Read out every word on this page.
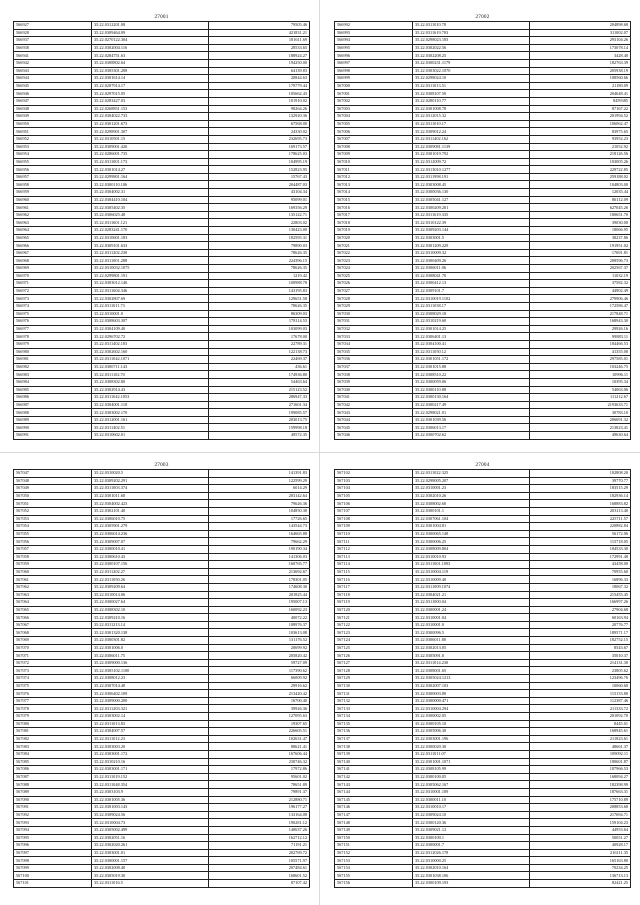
27001
566927	35.22.0312201.08	79505.46
566928	35.22.0309464.09	421831.21
566937	35.22.0270122.304	181611.69
566938	35.22.0302004.116	28533.65
566941	35.22.0284751.63	188924.27
566942	35.22.0308802.64	194250.00
566943	35.22.0305301.208	64139.83
566944	35.22.0301614.14	20844.63
566945	35.22.0287914.17	179779.44
566946	35.22.0297015.05	105662.43
566947	35.22.0283427.03	101910.02
566948	35.22.0268851.153	98264.26
566949	35.22.0304022.733	132920.36
566950	35.22.0301201.673	67568.00
566951	35.22.0298901.307	24330.02
566952	35.22.0310501.15	232695.73
566953	35.22.0309001.426	169173.57
566954	35.22.0286001.735	178625.03
566955	35.22.0311001.173	104995.19
566956	35.22.0301014.27	152823.95
566957	35.22.0299801.164	15767.43
566958	35.22.0300110.106	204487.03
566959	35.22.0304002.31	43104.34
566960	35.22.0304410.104	95099.01
566961	35.22.0305402.35	169356.29
566962	35.22.0306025.48	135122.71
566963	35.22.0311601.121	22803.02
566964	35.22.0283241.170	130423.00
566965	35.22.0310601.183	182595.31
566966	35.22.0309101.633	79890.03
566967	35.22.0311202.230	78626.35
566968	35.22.0311001.288	224396.15
566969	35.22.0310032.1075	78626.35
566970	35.22.0299801.191	1219.42
566971	35.22.0303012.146	100988.78
566972	35.22.0311604.346	143195.83
566973	35.22.0302807.69	129651.58
566974	35.22.0311011.73	78626.35
566975	35.22.0310001.0	86309.03
566976	35.22.0308603.307	178114.53
566977	35.22.0304109.40	103099.03
566978	35.22.0296702.72	17678.00
566979	35.22.0311402.183	22789.31
566980	35.22.0302602.160	122138.73
566981	35.22.0311042.1071	22469.37
566982	35.22.0300711.143	436.61
566983	35.22.0311102.70	174936.80
566984	35.22.0308302.80	54463.64
566985	35.22.0302914.43	215123.52
566986	35.22.0311042.1053	286947.33
566987	35.22.0304001.118	271601.34
566988	35.22.0303002.170	199085.57
566989	35.22.0312001.161	203013.75
566990	35.22.0311402.51	159998.18
566991	35.22.0310602.01	49572.35
27002
566992	35.22.0311010.78	204898.68
566993	35.22.0311619.703	311002.07
566994	35.22.0298023.183	293104.26
566995	35.22.0302022.56	173078.14
566996	35.22.0302208.25	3428.40
566997	35.22.0300231.1179	182763.39
566998	35.22.0303022.1070	205938.19
566999	35.22.0298024.10	108560.66
567000	35.22.0311013.51	21180.09
567001	35.22.0308107.50	204648.41
567002	35.22.0280110.77	8459385
567003	35.22.0301008.78	87167.22
567004	35.22.0312015.32	201994.52
567005	35.22.0311010.17	106062.47
567006	35.22.0309012.24	83975.65
567007	35.22.0311402.162	93952.23
567008	35.22.0309081.1139	21052.92
567009	35.22.0301019.792	218126.56
567010	35.22.0312009.72	103005.26
567011	35.22.0313010.1277	229722.85
567012	35.22.0311998.191	259188.02
567013	35.22.0303008.45	104803.00
567014	35.22.0300036.130	12035.44
567015	35.22.0305041.127	86112.09
567016	35.22.0300209.201	627045.26
567017	35.22.0311619.335	180651.70
567018	35.22.0310122.39	39030.00
567019	35.22.0309203.144	18066.95
567020	35.22.0303001.5	38237.86
567021	35.22.0301209.229	191951.02
567022	35.22.0310009.32	17691.81
567023	35.22.0300409.26	208596.73
567024	35.22.0306011.06	202567.37
567025	35.22.0308041.70	11032.19
567026	35.22.0300412.13	37582.32
567027	35.22.0309101.7	44902.49
567028	35.22.0310019.1102	279906.46
567029	35.22.0311038.17	172586.47
567030	35.22.0308029.18	217848.71
567031	35.22.0310219.60	168943.30
567032	35.22.0301014.25	29926.16
567033	35.22.0306401.13	99883.11
567034	35.22.0304100.41	184466.53
567035	35.22.0311050.12	41355.00
567036	35.22.0301051.172	297585.01
567037	35.22.0301015.88	103246.75
567038	35.22.0308510.22	10996.11
567039	35.22.0300059.06	10395.34
567040	35.22.0300110.88	54063.06
567041	35.22.0300130.164	111212.67
567042	35.22.0300217.49	2193633.71
567043	35.22.0298021.01	30783.10
567044	35.22.0301039.56	206691.32
567045	35.22.0306013.17	213823.41
567046	35.22.0300702.62	49630.64
27003
567047	35.22.0310020.5	141391.83
567048	35.22.0309202.291	122599.29
567049	35.22.0311003.374	6014.29
567050	35.22.0301011.68	203142.64
567051	35.22.0304002.423	79626.36
567052	35.22.0302101.40	104850.38
567053	35.22.0306010.75	17726.65
567054	35.22.0305901.279	143544.73
567055	35.22.0306014.236	164665.88
567056	35.22.0309007.07	79662.29
567057	35.22.0300010.41	190190.34
567058	35.22.0300610.43	141306.03
567059	35.22.0300107.156	160765.77
567060	35.22.0311202.27	213692.67
567061	35.22.0311050.26	178301.05
567062	35.22.0309209.64	174608.30
567063	35.22.0310014.06	201825.44
567064	35.22.0300027.64	195007.13
567065	35.22.0308302.10	160092.23
567066	35.22.0309210.16	40072.22
567067	35.22.0311213.14	108976.37
567068	35.22.0301320.138	103613.08
567069	35.22.0300301.82	131176.52
567070	35.22.0301006.0	20699.92
567071	35.22.0306011.75	205820.42
567072	35.22.0309000.136	59727.09
567073	35.22.0305102.1100	117390.62
567074	35.22.0308012.23	66009.92
567075	35.22.0307014.48	29916.62
567076	35.22.0306402.109	213420.42
567077	35.22.0309000.200	16700.40
567078	35.22.0311203.321	39926.36
567079	35.22.0303002.14	127095.63
567080	35.22.0311013.83	19307.65
567081	35.22.0304007.57	226605.51
567082	35.22.0311012.23	102631.47
567083	35.22.0303003.20	88621.41
567084	35.22.0303001.172	167606.44
567085	35.22.0310210.16	230746.32
567086	35.22.0303001.171	17972.86
567087	35.22.0311019.152	95601.02
567088	35.22.0311048.354	78651.89
567089	35.22.0303103.9	79891.37
567090	35.22.0301005.36	212880.71
567091	35.22.0301003.143	196177.27
567092	35.22.0309024.56	133164.08
567093	35.22.0310004.73	190281.12
567094	35.22.0305002.499	140637.26
567095	35.22.0302051.16	162712.12
567096	35.22.0302020.261	71191.21
567097	35.22.0303001.01	202769.72
567098	35.22.0300001.157	105571.97
567099	35.22.0302008.40	207484.61
567100	35.22.0305019.30	168601.52
567101	35.22.0311016.5	87107.42
27004
567102	35.22.0311022.325	102808.20
567103	35.22.0298005.207	39770.77
567104	35.22.0310001.23	183515.29
567105	35.22.0302010.26	182936.14
567106	35.22.0308002.60	168883.82
567107	35.22.0300101.1	203113.40
567108	35.22.0307061.104	225711.57
567109	35.22.0301004.81	220882.84
567110	35.22.0300065.148	56172.06
567111	35.22.0300006.25	115718.05
567112	35.22.0308009.804	184533.30
567113	35.22.0310010.93	172991.48
567114	35.22.0311001.1093	43458.00
567115	35.22.0310004.119	70955.60
567116	35.22.0310009.40	16896.33
567117	35.22.0311009.1074	18067.32
567118	35.22.0304021.21	215455.45
567119	35.22.0311000.04	166997.26
567120	35.22.0300001.24	27904.68
567121	35.22.0310001.04	60163.94
567122	35.22.0310001.0	20776.77
567123	35.22.0300096.5	189571.17
567124	35.22.0306011.80	182752.15
567125	35.22.0302013.05	8543.67
567126	35.22.0305091.0	35010.37
567127	35.22.0311014.230	214131.30
567128	35.22.0308001.65	23805.62
567129	35.22.0305024.1213	123496.76
567130	35.22.0302007.103	10060.60
567131	35.22.0300003.80	115133.80
567132	35.22.0300000.471	112387.46
567133	35.22.0310004.294	211333.72
567134	35.22.0300002.05	201092.70
567135	35.22.0300105.10	8445.01
567136	35.22.0305006.30	168945.61
567137	35.22.0303001.196	211823.61
567138	35.22.0300020.30	48661.37
567139	35.22.0311011.07	109092.11
567140	35.22.0301001.1071	180601.87
567141	35.22.0308105.99	187966.53
567142	35.22.0300100.05	168094.27
567143	35.22.0305062.167	182398.99
567144	35.22.0310001.109	187663.31
567145	35.22.0300011.10	175710.89
567146	35.22.0310010.17	208853.68
567147	35.22.0309024.10	217694.71
567148	35.22.0300120.36	159104.23
567149	35.22.0309021.12	44953.64
567150	35.22.0300100.1	50051.27
567151	35.22.0300001.7	40928.17
567152	35.22.0312026.178	216111.35
567153	35.22.0310000.25	165163.80
567154	35.22.0302010.164	70234.25
567155	35.22.0301038.106	136713.13
567156	35.22.0300109.193	82421.25
